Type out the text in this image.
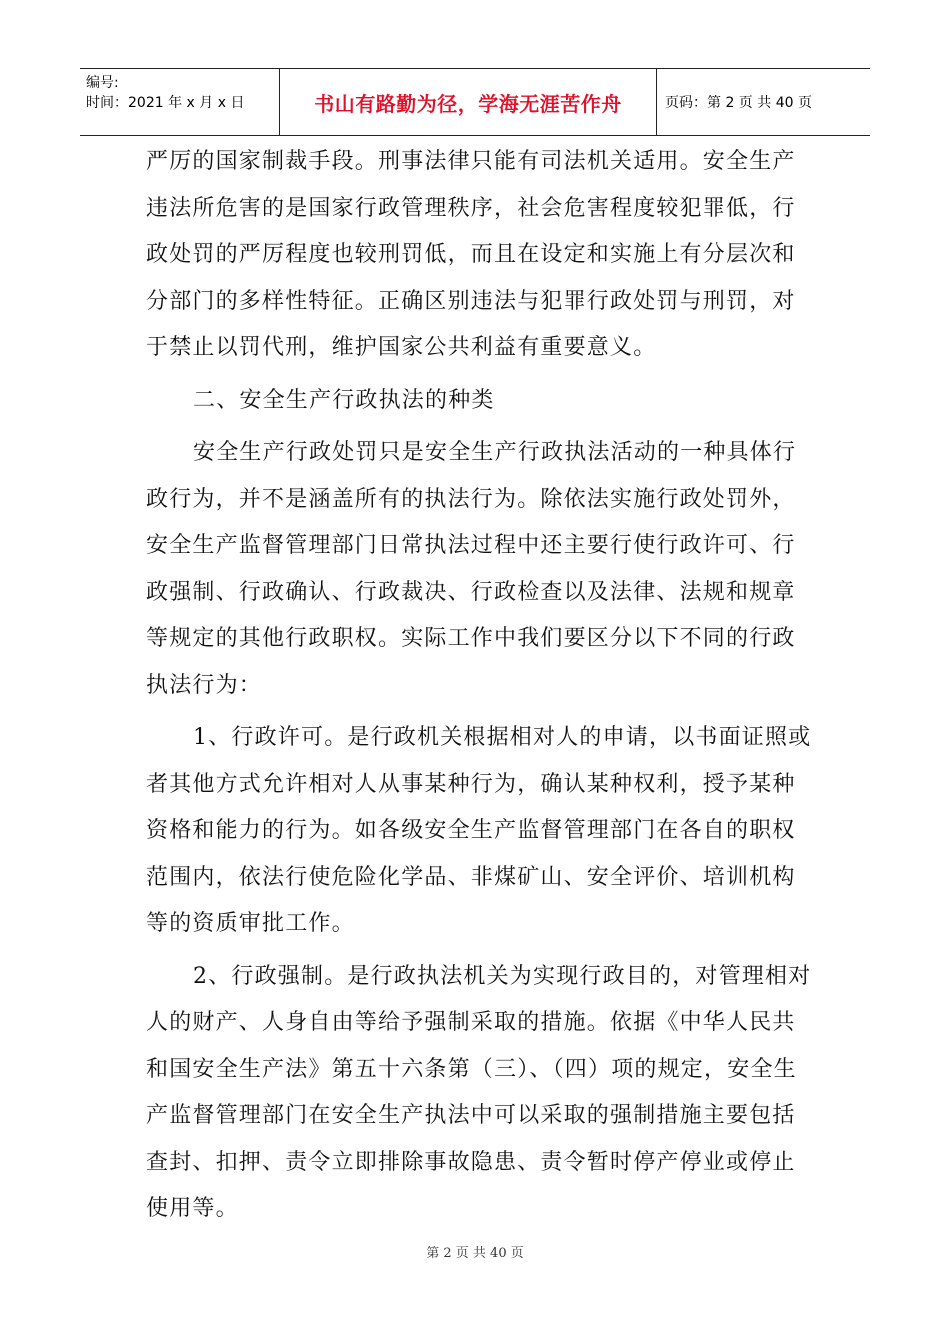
编号:
时间：2021 年 x 月 x 日	书山有路勤为径，学海无涯苦作舟	页码：第 2 页 共 40 页

严厉的国家制裁手段。刑事法律只能有司法机关适用。安全生产违法所危害的是国家行政管理秩序，社会危害程度较犯罪低，行政处罚的严厉程度也较刑罚低，而且在设定和实施上有分层次和分部门的多样性特征。正确区别违法与犯罪行政处罚与刑罚，对于禁止以罚代刑，维护国家公共利益有重要意义。

二、安全生产行政执法的种类

安全生产行政处罚只是安全生产行政执法活动的一种具体行政行为，并不是涵盖所有的执法行为。除依法实施行政处罚外，安全生产监督管理部门日常执法过程中还主要行使行政许可、行政强制、行政确认、行政裁决、行政检查以及法律、法规和规章等规定的其他行政职权。实际工作中我们要区分以下不同的行政执法行为：

1、行政许可。是行政机关根据相对人的申请，以书面证照或者其他方式允许相对人从事某种行为，确认某种权利，授予某种资格和能力的行为。如各级安全生产监督管理部门在各自的职权范围内，依法行使危险化学品、非煤矿山、安全评价、培训机构等的资质审批工作。

2、行政强制。是行政执法机关为实现行政目的，对管理相对人的财产、人身自由等给予强制采取的措施。依据《中华人民共和国安全生产法》第五十六条第（三）、（四）项的规定，安全生产监督管理部门在安全生产执法中可以采取的强制措施主要包括查封、扣押、责令立即排除事故隐患、责令暂时停产停业或停止使用等。

第 2 页 共 40 页
